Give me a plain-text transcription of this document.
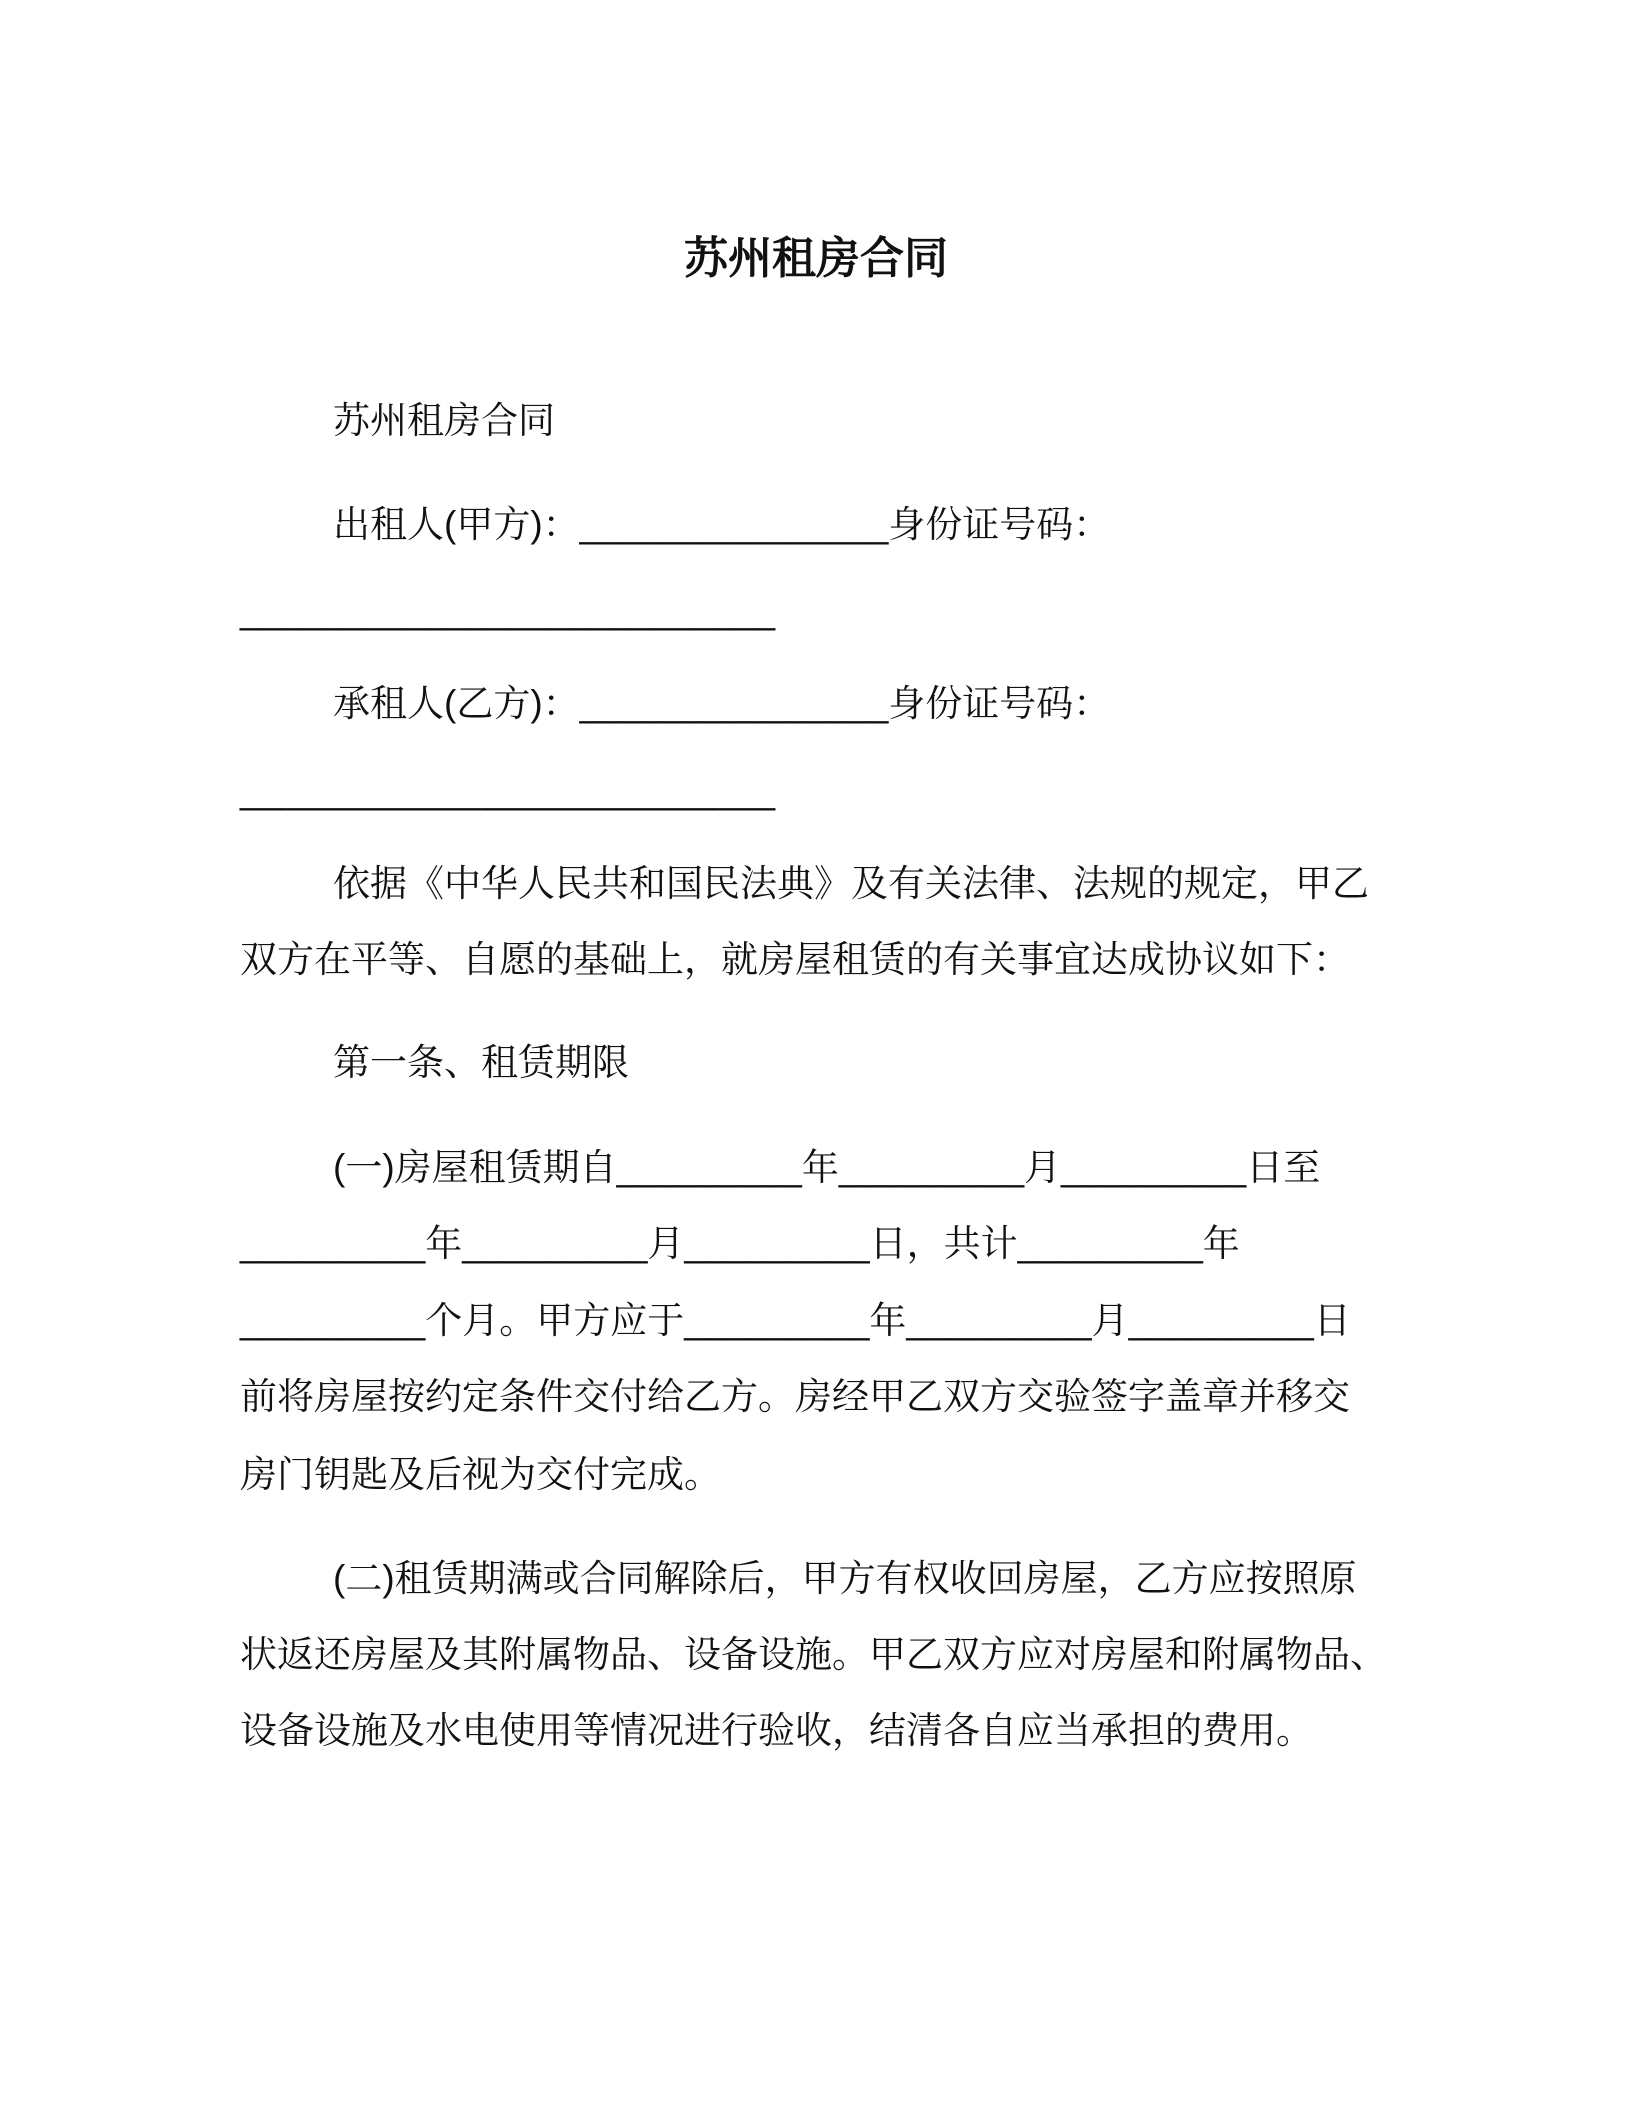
苏州租房合同
苏州租房合同
出租人(甲方)：_______________身份证号码：
__________________________
承租人(乙方)：_______________身份证号码：
__________________________
依据《中华人民共和国民法典》及有关法律、法规的规定，甲乙
双方在平等、自愿的基础上，就房屋租赁的有关事宜达成协议如下：
第一条、租赁期限
(一)房屋租赁期自_________年_________月_________日至
_________年_________月_________日，共计_________年
_________个月。甲方应于_________年_________月_________日
前将房屋按约定条件交付给乙方。房经甲乙双方交验签字盖章并移交
房门钥匙及后视为交付完成。
(二)租赁期满或合同解除后，甲方有权收回房屋，乙方应按照原
状返还房屋及其附属物品、设备设施。甲乙双方应对房屋和附属物品、
设备设施及水电使用等情况进行验收，结清各自应当承担的费用。
